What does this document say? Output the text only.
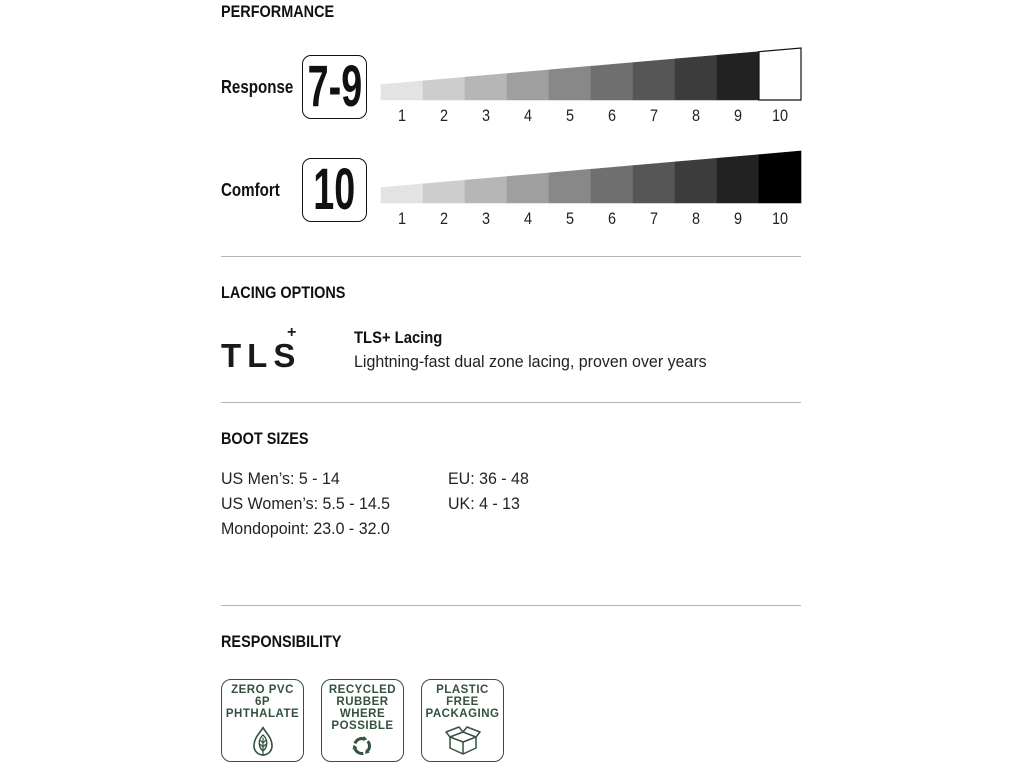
PERFORMANCE
Response 7-9	1	2	3	4	5	6	7	8	9	10
Comfort 10	1	2	3	4	5	6	7	8	9	10
LACING OPTIONS
TLS
+	TLS+ Lacing
Lightning-fast dual zone lacing, proven over years
BOOT SIZES
US Men’s: 5 - 14
US Women’s: 5.5 - 14.5
Mondopoint: 23.0 - 32.0
EU: 36 - 48
UK: 4 - 13
RESPONSIBILITY
ZERO PVC
6P
PHTHALATE
RECYCLED
RUBBER
WHERE
POSSIBLE
PLASTIC
FREE
PACKAGING
